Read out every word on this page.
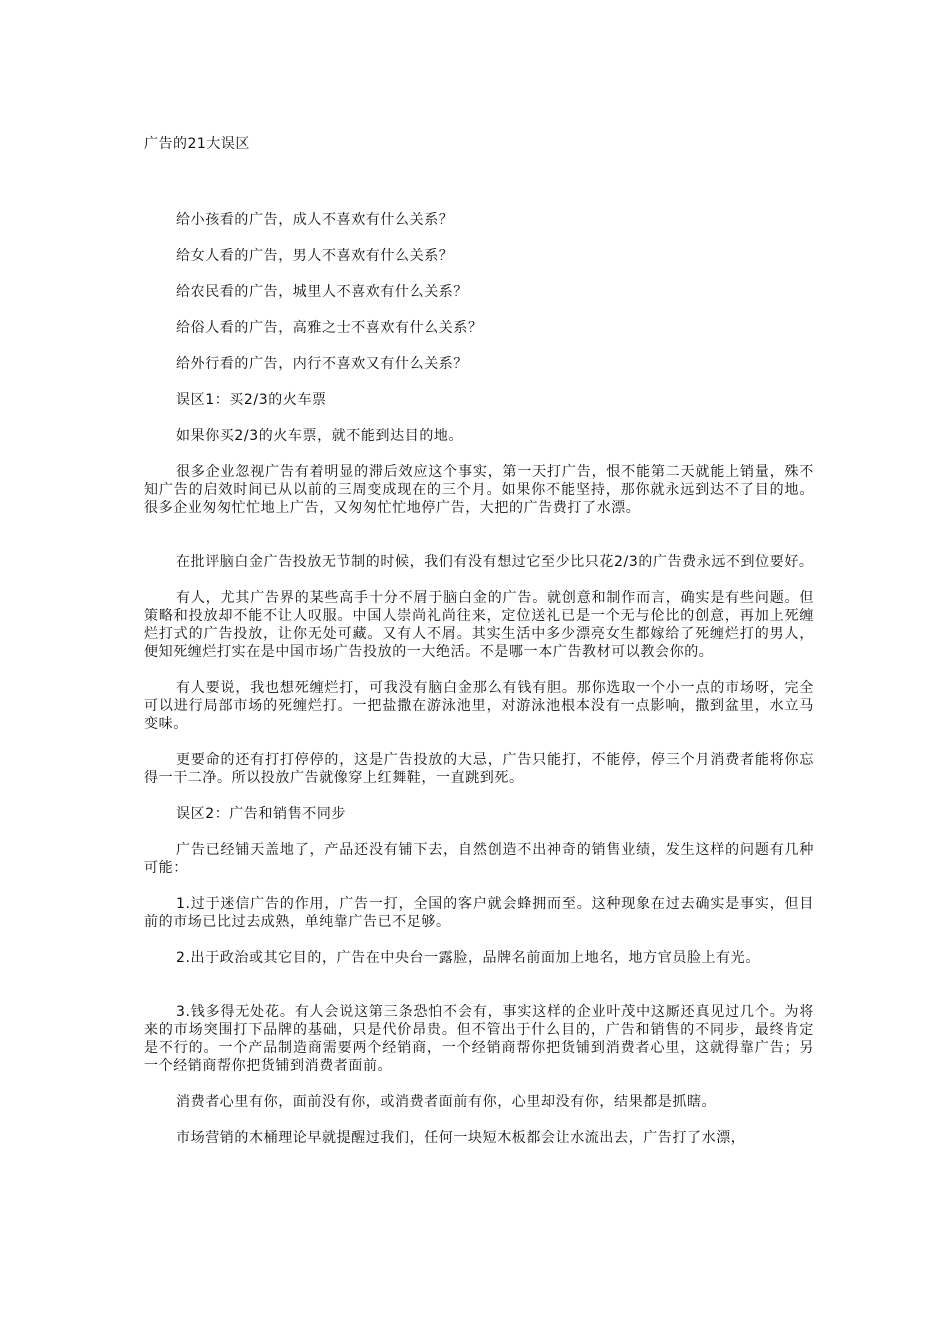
广告的21大误区

给小孩看的广告，成人不喜欢有什么关系？

给女人看的广告，男人不喜欢有什么关系？

给农民看的广告，城里人不喜欢有什么关系？

给俗人看的广告，高雅之士不喜欢有什么关系？

给外行看的广告，内行不喜欢又有什么关系？

误区1：买2/3的火车票

如果你买2/3的火车票，就不能到达目的地。

很多企业忽视广告有着明显的滞后效应这个事实，第一天打广告，恨不能第二天就能上销量，殊不知广告的启效时间已从以前的三周变成现在的三个月。如果你不能坚持，那你就永远到达不了目的地。很多企业匆匆忙忙地上广告，又匆匆忙忙地停广告，大把的广告费打了水漂。

在批评脑白金广告投放无节制的时候，我们有没有想过它至少比只花2/3的广告费永远不到位要好。

有人，尤其广告界的某些高手十分不屑于脑白金的广告。就创意和制作而言，确实是有些问题。但策略和投放却不能不让人叹服。中国人崇尚礼尚往来，定位送礼已是一个无与伦比的创意，再加上死缠烂打式的广告投放，让你无处可藏。又有人不屑。其实生活中多少漂亮女生都嫁给了死缠烂打的男人，便知死缠烂打实在是中国市场广告投放的一大绝活。不是哪一本广告教材可以教会你的。

有人要说，我也想死缠烂打，可我没有脑白金那么有钱有胆。那你选取一个小一点的市场呀，完全可以进行局部市场的死缠烂打。一把盐撒在游泳池里，对游泳池根本没有一点影响，撒到盆里，水立马变味。

更要命的还有打打停停的，这是广告投放的大忌，广告只能打，不能停，停三个月消费者能将你忘得一干二净。所以投放广告就像穿上红舞鞋，一直跳到死。

误区2：广告和销售不同步

广告已经铺天盖地了，产品还没有铺下去，自然创造不出神奇的销售业绩，发生这样的问题有几种可能：

1.过于迷信广告的作用，广告一打，全国的客户就会蜂拥而至。这种现象在过去确实是事实，但目前的市场已比过去成熟，单纯靠广告已不足够。

2.出于政治或其它目的，广告在中央台一露脸，品牌名前面加上地名，地方官员脸上有光。

3.钱多得无处花。有人会说这第三条恐怕不会有，事实这样的企业叶茂中这厮还真见过几个。为将来的市场突围打下品牌的基础，只是代价昂贵。但不管出于什么目的，广告和销售的不同步，最终肯定是不行的。一个产品制造商需要两个经销商，一个经销商帮你把货铺到消费者心里，这就得靠广告；另一个经销商帮你把货铺到消费者面前。

消费者心里有你，面前没有你，或消费者面前有你，心里却没有你，结果都是抓瞎。

市场营销的木桶理论早就提醒过我们，任何一块短木板都会让水流出去，广告打了水漂，
